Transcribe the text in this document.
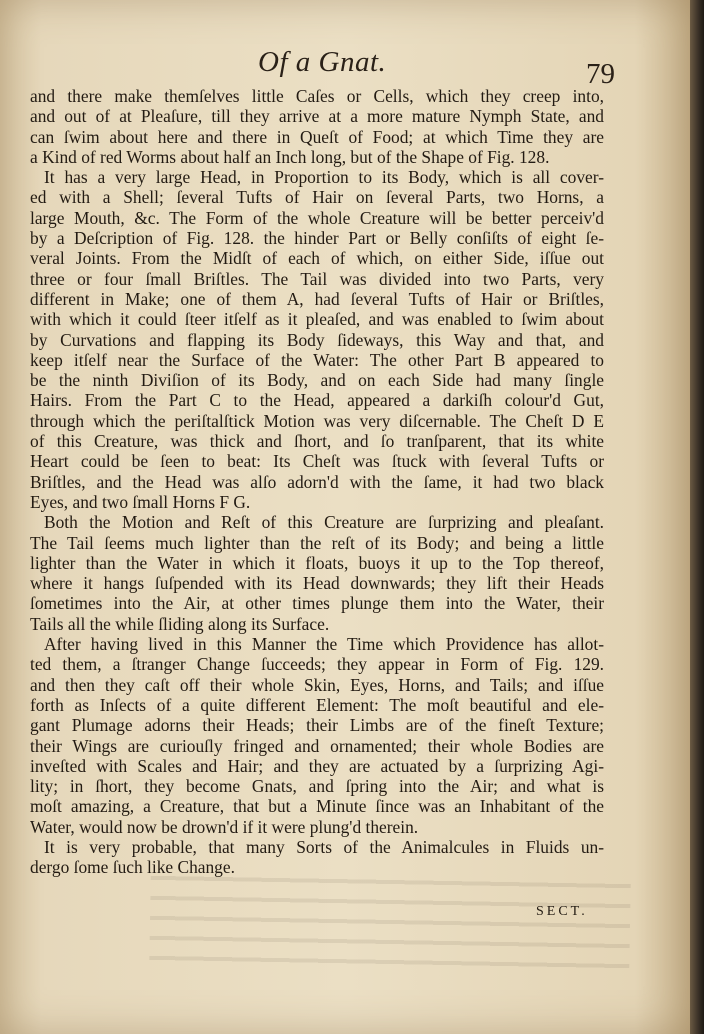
Of a Gnat.	79
and there make themſelves little Caſes or Cells, which they creep into,
and out of at Pleaſure, till they arrive at a more mature Nymph State, and
can ſwim about here and there in Queſt of Food; at which Time they are
a Kind of red Worms about half an Inch long, but of the Shape of Fig. 128.
It has a very large Head, in Proportion to its Body, which is all cover-
ed with a Shell; ſeveral Tufts of Hair on ſeveral Parts, two Horns, a
large Mouth, &c. The Form of the whole Creature will be better perceiv'd
by a Deſcription of Fig. 128. the hinder Part or Belly conſiſts of eight ſe-
veral Joints. From the Midſt of each of which, on either Side, iſſue out
three or four ſmall Briſtles. The Tail was divided into two Parts, very
different in Make; one of them A, had ſeveral Tufts of Hair or Briſtles,
with which it could ſteer itſelf as it pleaſed, and was enabled to ſwim about
by Curvations and flapping its Body ſideways, this Way and that, and
keep itſelf near the Surface of the Water: The other Part B appeared to
be the ninth Diviſion of its Body, and on each Side had many ſingle
Hairs. From the Part C to the Head, appeared a darkiſh colour'd Gut,
through which the periſtalſtick Motion was very diſcernable. The Cheſt D E
of this Creature, was thick and ſhort, and ſo tranſparent, that its white
Heart could be ſeen to beat: Its Cheſt was ſtuck with ſeveral Tufts or
Briſtles, and the Head was alſo adorn'd with the ſame, it had two black
Eyes, and two ſmall Horns F G.
Both the Motion and Reſt of this Creature are ſurprizing and pleaſant.
The Tail ſeems much lighter than the reſt of its Body; and being a little
lighter than the Water in which it floats, buoys it up to the Top thereof,
where it hangs ſuſpended with its Head downwards; they lift their Heads
ſometimes into the Air, at other times plunge them into the Water, their
Tails all the while ſliding along its Surface.
After having lived in this Manner the Time which Providence has allot-
ted them, a ſtranger Change ſucceeds; they appear in Form of Fig. 129.
and then they caſt off their whole Skin, Eyes, Horns, and Tails; and iſſue
forth as Inſects of a quite different Element: The moſt beautiful and ele-
gant Plumage adorns their Heads; their Limbs are of the fineſt Texture;
their Wings are curiouſly fringed and ornamented; their whole Bodies are
inveſted with Scales and Hair; and they are actuated by a ſurprizing Agi-
lity; in ſhort, they become Gnats, and ſpring into the Air; and what is
moſt amazing, a Creature, that but a Minute ſince was an Inhabitant of the
Water, would now be drown'd if it were plung'd therein.
It is very probable, that many Sorts of the Animalcules in Fluids un-
dergo ſome ſuch like Change.
SECT.
